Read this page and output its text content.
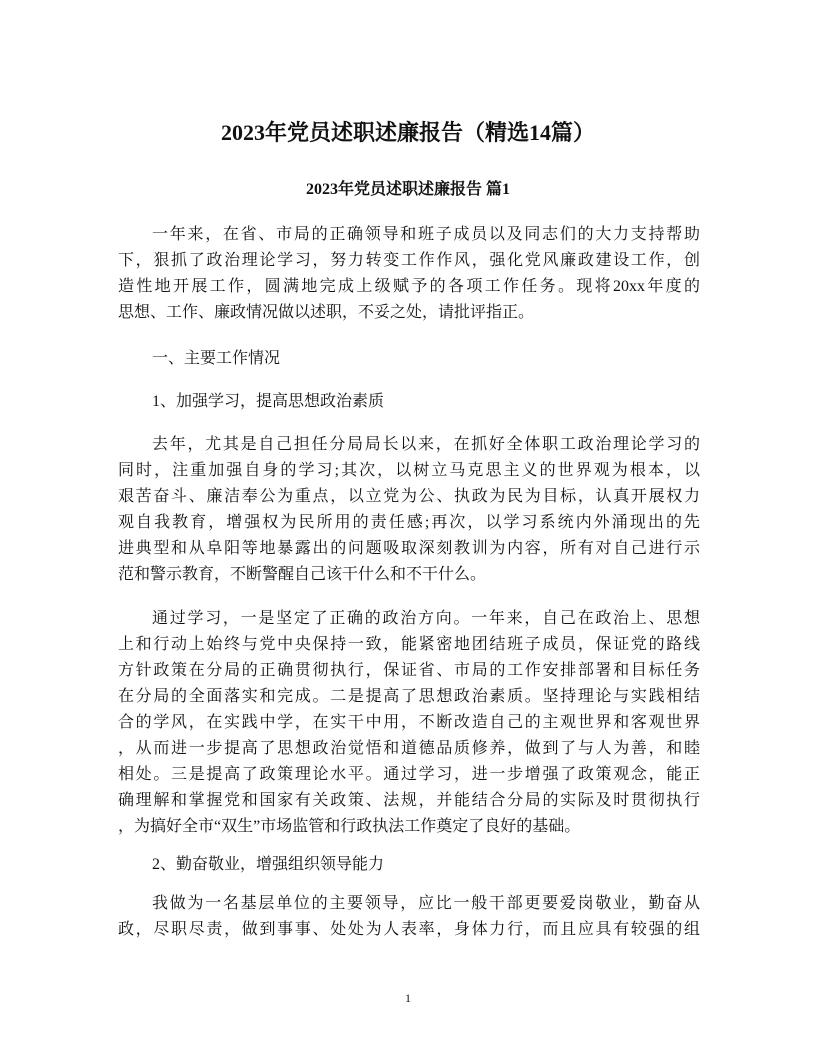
2023年党员述职述廉报告（精选14篇）
2023年党员述职述廉报告 篇1
一年来，在省、市局的正确领导和班子成员以及同志们的大力支持帮助
下，狠抓了政治理论学习，努力转变工作作风，强化党风廉政建设工作，创
造性地开展工作，圆满地完成上级赋予的各项工作任务。现将20xx年度的
思想、工作、廉政情况做以述职，不妥之处，请批评指正。
一、主要工作情况
1、加强学习，提高思想政治素质
去年，尤其是自己担任分局局长以来，在抓好全体职工政治理论学习的
同时，注重加强自身的学习;其次，以树立马克思主义的世界观为根本，以
艰苦奋斗、廉洁奉公为重点，以立党为公、执政为民为目标，认真开展权力
观自我教育，增强权为民所用的责任感;再次，以学习系统内外涌现出的先
进典型和从阜阳等地暴露出的问题吸取深刻教训为内容，所有对自己进行示
范和警示教育，不断警醒自己该干什么和不干什么。
通过学习，一是坚定了正确的政治方向。一年来，自己在政治上、思想
上和行动上始终与党中央保持一致，能紧密地团结班子成员，保证党的路线
方针政策在分局的正确贯彻执行，保证省、市局的工作安排部署和目标任务
在分局的全面落实和完成。二是提高了思想政治素质。坚持理论与实践相结
合的学风，在实践中学，在实干中用，不断改造自己的主观世界和客观世界
，从而进一步提高了思想政治觉悟和道德品质修养，做到了与人为善，和睦
相处。三是提高了政策理论水平。通过学习，进一步增强了政策观念，能正
确理解和掌握党和国家有关政策、法规，并能结合分局的实际及时贯彻执行
，为搞好全市“双生”市场监管和行政执法工作奠定了良好的基础。
2、勤奋敬业，增强组织领导能力
我做为一名基层单位的主要领导，应比一般干部更要爱岗敬业，勤奋从
政，尽职尽责，做到事事、处处为人表率，身体力行，而且应具有较强的组
1
